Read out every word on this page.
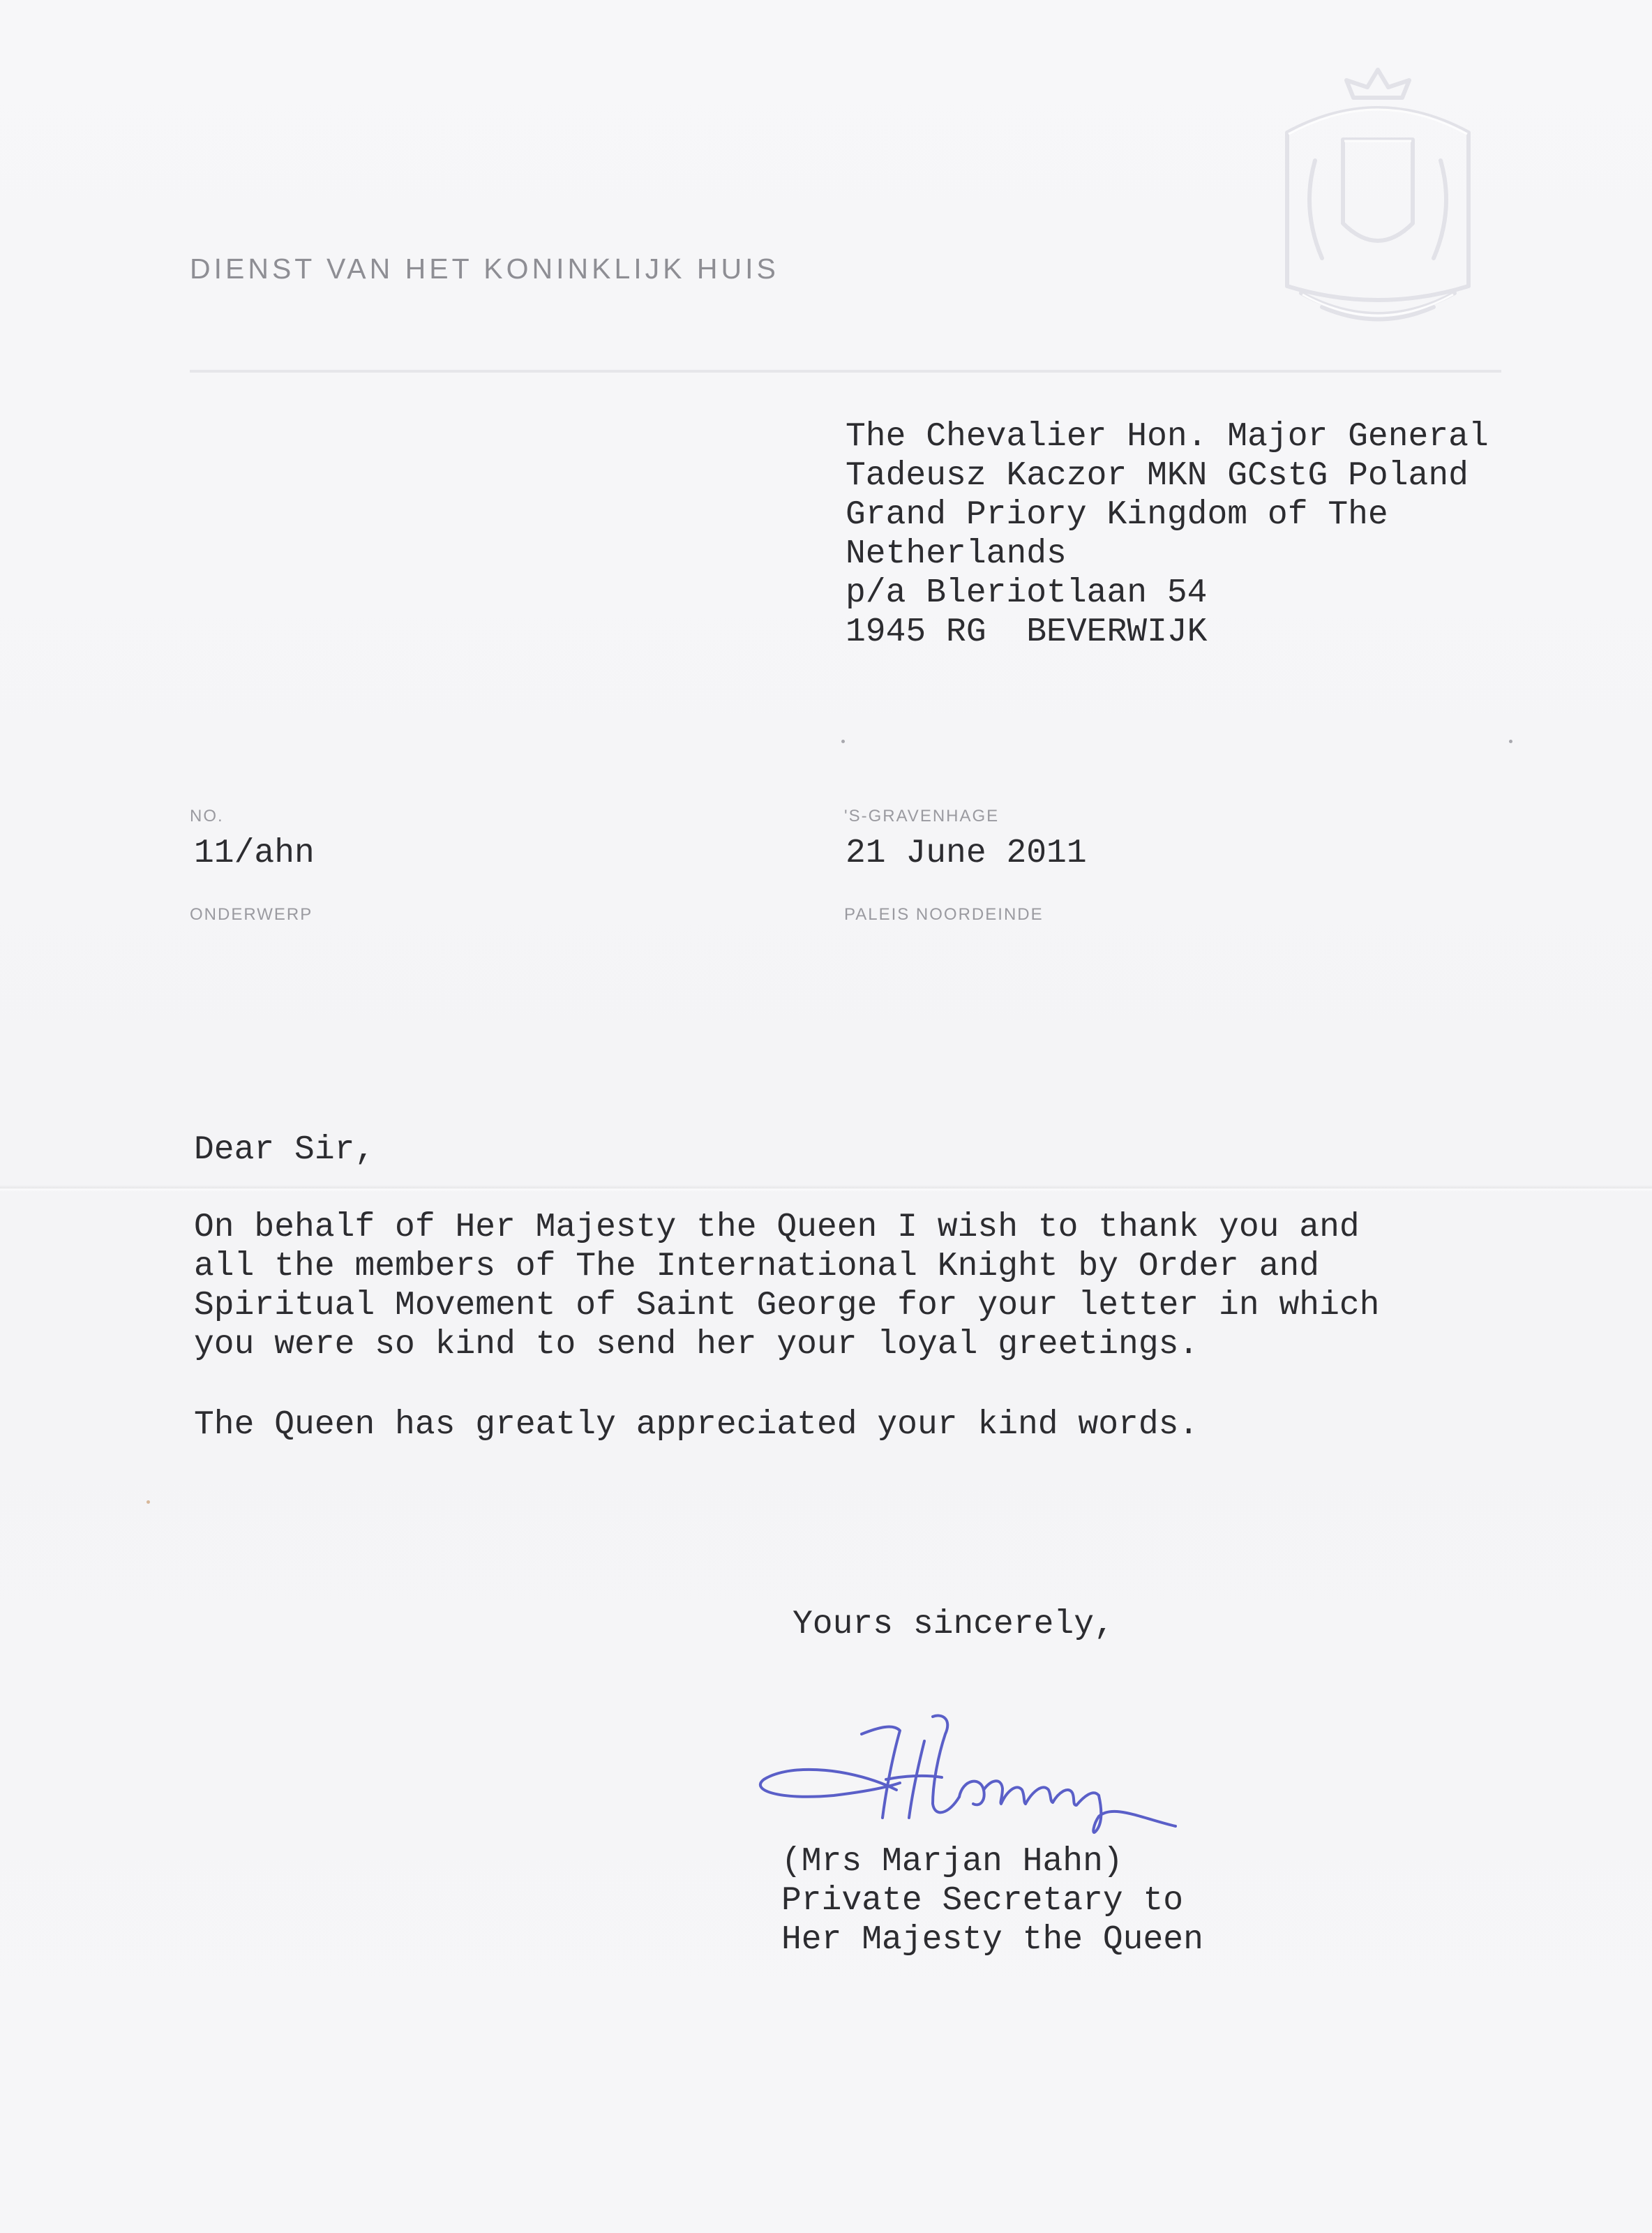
DIENST VAN HET KONINKLIJK HUIS
The Chevalier Hon. Major General
Tadeusz Kaczor MKN GCstG Poland
Grand Priory Kingdom of The
Netherlands
p/a Bleriotlaan 54
1945 RG  BEVERWIJK
NO.
11/ahn
ONDERWERP
'S-GRAVENHAGE
21 June 2011
PALEIS NOORDEINDE
Dear Sir,
On behalf of Her Majesty the Queen I wish to thank you and
all the members of The International Knight by Order and
Spiritual Movement of Saint George for your letter in which
you were so kind to send her your loyal greetings.
The Queen has greatly appreciated your kind words.
Yours sincerely,
(Mrs Marjan Hahn)
Private Secretary to
Her Majesty the Queen
